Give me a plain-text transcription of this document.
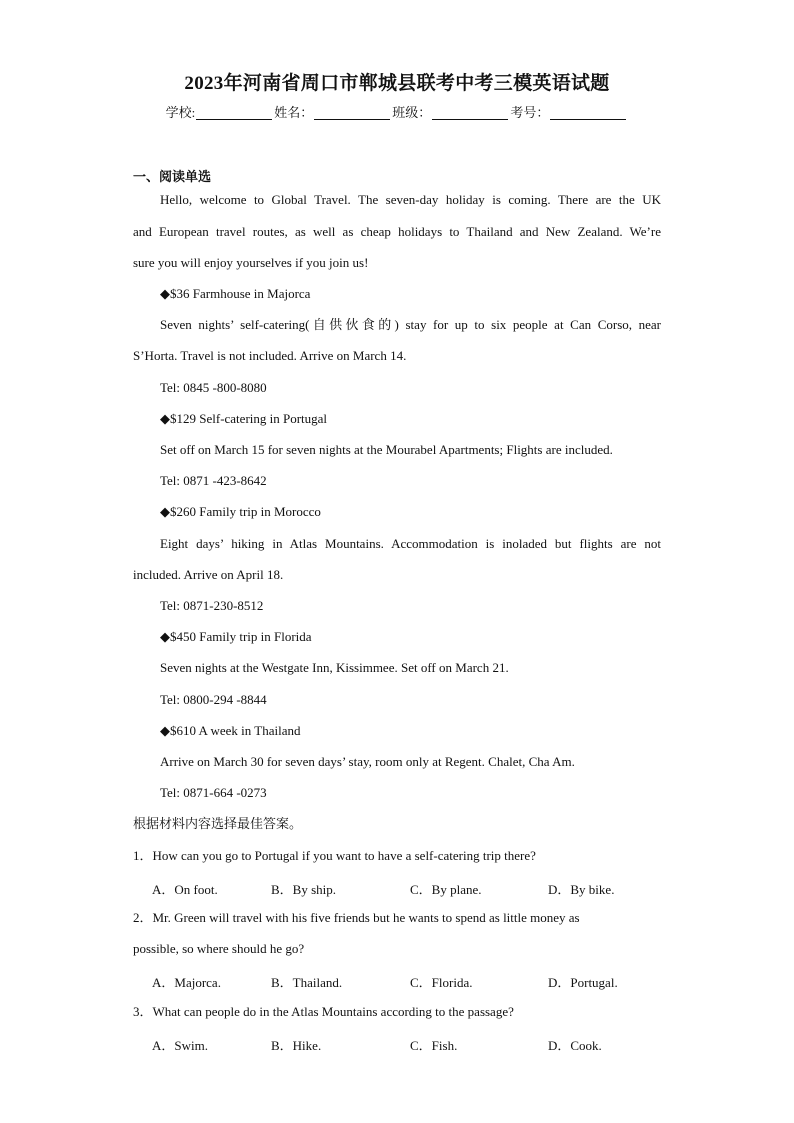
2023年河南省周口市郸城县联考中考三模英语试题
学校:	姓名：	班级：	考号：
一、阅读单选
Hello, welcome to Global Travel. The seven-day holiday is coming. There are the UK
and European travel routes, as well as cheap holidays to Thailand and New Zealand. We’re
sure you will enjoy yourselves if you join us!
◆$36 Farmhouse in Majorca
Seven nights’ self-catering(自供伙食的) stay for up to six people at Can Corso, near
S’Horta. Travel is not included. Arrive on March 14.
Tel: 0845 -800-8080
◆$129 Self-catering in Portugal
Set off on March 15 for seven nights at the Mourabel Apartments; Flights are included.
Tel: 0871 -423-8642
◆$260 Family trip in Morocco
Eight days’ hiking in Atlas Mountains. Accommodation is inoladed but flights are not
included. Arrive on April 18.
Tel: 0871-230-8512
◆$450 Family trip in Florida
Seven nights at the Westgate Inn, Kissimmee. Set off on March 21.
Tel: 0800-294 -8844
◆$610 A week in Thailand
Arrive on March 30 for seven days’ stay, room only at Regent. Chalet, Cha Am.
Tel: 0871-664 -0273
根据材料内容选择最佳答案。
1．How can you go to Portugal if you want to have a self-catering trip there?
A．On foot.	B．By ship.	C．By plane.	D．By bike.
2．Mr. Green will travel with his five friends but he wants to spend as little money as
possible, so where should he go?
A．Majorca.	B．Thailand.	C．Florida.	D．Portugal.
3．What can people do in the Atlas Mountains according to the passage?
A．Swim.	B．Hike.	C．Fish.	D．Cook.
